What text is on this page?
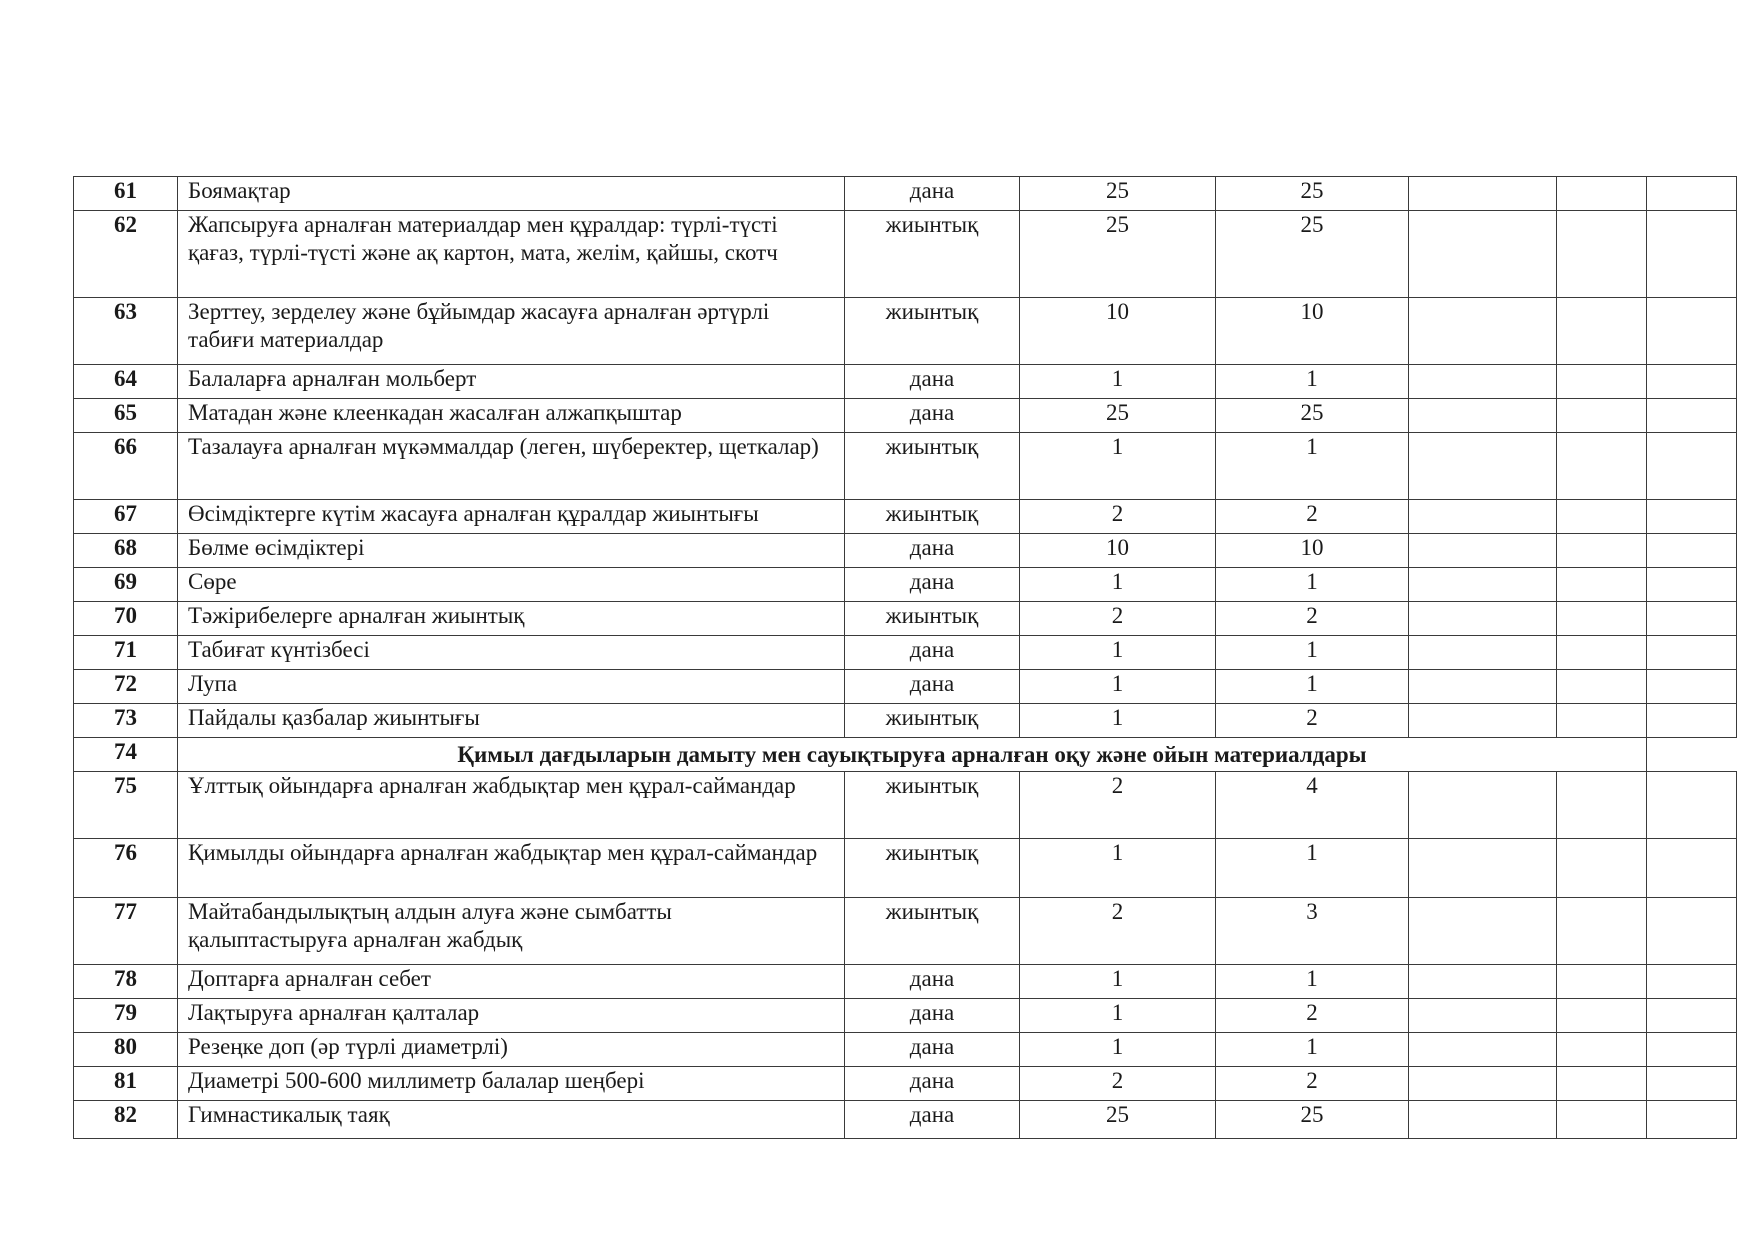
61	Боямақтар	дана	25	25			
62	Жапсыруға арналған материалдар мен құралдар: түрлі-түсті қағаз, түрлі-түсті және ақ картон, мата, желім, қайшы, скотч	жиынтық	25	25			
63	Зерттеу, зерделеу және бұйымдар жасауға арналған әртүрлі табиғи материалдар	жиынтық	10	10			
64	Балаларға арналған мольберт	дана	1	1			
65	Матадан және клеенкадан жасалған алжапқыштар	дана	25	25			
66	Тазалауға арналған мүкәммалдар (леген, шүберектер, щеткалар)	жиынтық	1	1			
67	Өсімдіктерге күтім жасауға арналған құралдар жиынтығы	жиынтық	2	2			
68	Бөлме өсімдіктері	дана	10	10			
69	Сөре	дана	1	1			
70	Тәжірибелерге арналған жиынтық	жиынтық	2	2			
71	Табиғат күнтізбесі	дана	1	1			
72	Лупа	дана	1	1			
73	Пайдалы қазбалар жиынтығы	жиынтық	1	2			
74	Қимыл дағдыларын дамыту мен сауықтыруға арналған оқу және ойын материалдары						
75	Ұлттық ойындарға арналған жабдықтар мен құрал-саймандар	жиынтық	2	4			
76	Қимылды ойындарға арналған жабдықтар мен құрал-саймандар	жиынтық	1	1			
77	Майтабандылықтың алдын алуға және сымбатты қалыптастыруға арналған жабдық	жиынтық	2	3			
78	Доптарға арналған себет	дана	1	1			
79	Лақтыруға арналған қалталар	дана	1	2			
80	Резеңке доп (әр түрлі диаметрлі)	дана	1	1			
81	Диаметрі 500-600 миллиметр балалар шеңбері	дана	2	2			
82	Гимнастикалық таяқ	дана	25	25			
